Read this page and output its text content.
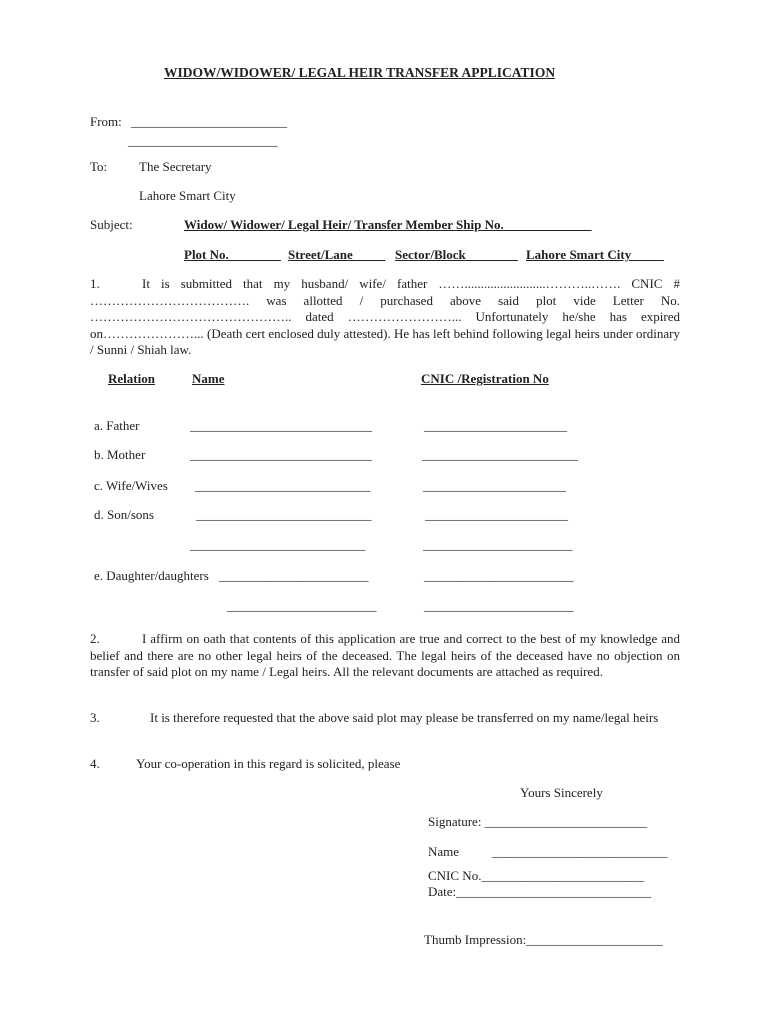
WIDOW/WIDOWER/ LEGAL HEIR TRANSFER APPLICATION
From: ________________________
_______________________
To: The Secretary
Lahore Smart City
Subject:	Widow/ Widower/ Legal Heir/ Transfer Member Ship No. _____________
Plot No.________ Street/Lane_____ Sector/Block________ Lahore Smart City_____
1.	It is submitted that my husband/ wife/ father …….........................………..……. CNIC # ………………………………. was allotted / purchased above said plot vide Letter No. ……………………………………….. dated ……………………... Unfortunately he/she has expired on…………………... (Death cert enclosed duly attested). He has left behind following legal heirs under ordinary / Sunni / Shiah law.
Relation	Name	CNIC /Registration No
a. Father	____________________________	______________________
b. Mother	____________________________	________________________
c. Wife/Wives ___________________________	______________________
d. Son/sons	___________________________	______________________
___________________________	_______________________
e. Daughter/daughters _______________________	_______________________
_______________________	_______________________
2.	I affirm on oath that contents of this application are true and correct to the best of my knowledge and belief and there are no other legal heirs of the deceased. The legal heirs of the deceased have no objection on transfer of said plot on my name / Legal heirs. All the relevant documents are attached as required.
3.	It is therefore requested that the above said plot may please be transferred on my name/legal heirs
4.	Your co-operation in this regard is solicited, please
Yours Sincerely
Signature: _________________________
Name	___________________________
CNIC No._________________________
Date:______________________________
Thumb Impression:_____________________
